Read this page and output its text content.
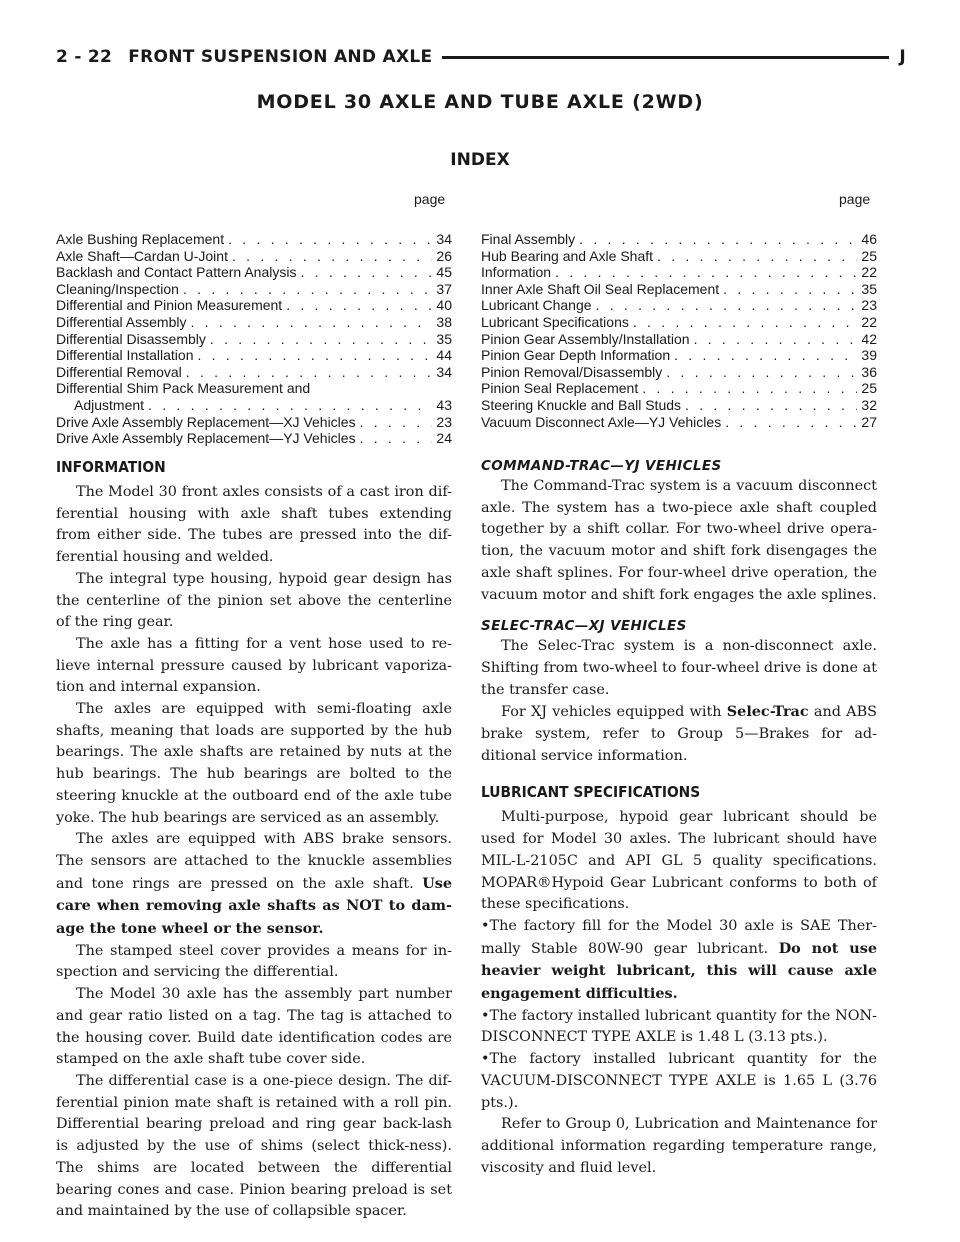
2 - 22 FRONT SUSPENSION AND AXLE	J
MODEL 30 AXLE AND TUBE AXLE (2WD)
INDEX
page	page
Axle Bushing Replacement . . .	34
Axle Shaft—Cardan U-Joint . . .	26
Backlash and Contact Pattern Analysis . . .	45
Cleaning/Inspection . . .	37
Differential and Pinion Measurement . . .	40
Differential Assembly . . .	38
Differential Disassembly . . .	35
Differential Installation . . .	44
Differential Removal . . .	34
Differential Shim Pack Measurement and
Adjustment . . .	43
Drive Axle Assembly Replacement—XJ Vehicles . . .	23
Drive Axle Assembly Replacement—YJ Vehicles . . .	24
Final Assembly . . .	46
Hub Bearing and Axle Shaft . . .	25
Information . . .	22
Inner Axle Shaft Oil Seal Replacement . . .	35
Lubricant Change . . .	23
Lubricant Specifications . . .	22
Pinion Gear Assembly/Installation . . .	42
Pinion Gear Depth Information . . .	39
Pinion Removal/Disassembly . . .	36
Pinion Seal Replacement . . .	25
Steering Knuckle and Ball Studs . . .	32
Vacuum Disconnect Axle—YJ Vehicles . . .	27
INFORMATION

The Model 30 front axles consists of a cast iron dif-ferential housing with axle shaft tubes extending from either side. The tubes are pressed into the dif-ferential housing and welded.

The integral type housing, hypoid gear design has the centerline of the pinion set above the centerline of the ring gear.

The axle has a fitting for a vent hose used to re-lieve internal pressure caused by lubricant vaporiza-tion and internal expansion.

The axles are equipped with semi-floating axle shafts, meaning that loads are supported by the hub bearings. The axle shafts are retained by nuts at the hub bearings. The hub bearings are bolted to the steering knuckle at the outboard end of the axle tube yoke. The hub bearings are serviced as an assembly.

The axles are equipped with ABS brake sensors. The sensors are attached to the knuckle assemblies and tone rings are pressed on the axle shaft. Use care when removing axle shafts as NOT to dam-age the tone wheel or the sensor.

The stamped steel cover provides a means for in-spection and servicing the differential.

The Model 30 axle has the assembly part number and gear ratio listed on a tag. The tag is attached to the housing cover. Build date identification codes are stamped on the axle shaft tube cover side.

The differential case is a one-piece design. The dif-ferential pinion mate shaft is retained with a roll pin. Differential bearing preload and ring gear back-lash is adjusted by the use of shims (select thick-ness). The shims are located between the differential bearing cones and case. Pinion bearing preload is set and maintained by the use of collapsible spacer.

COMMAND-TRAC—YJ VEHICLES

The Command-Trac system is a vacuum disconnect axle. The system has a two-piece axle shaft coupled together by a shift collar. For two-wheel drive opera-tion, the vacuum motor and shift fork disengages the axle shaft splines. For four-wheel drive operation, the vacuum motor and shift fork engages the axle splines.

SELEC-TRAC—XJ VEHICLES

The Selec-Trac system is a non-disconnect axle. Shifting from two-wheel to four-wheel drive is done at the transfer case.

For XJ vehicles equipped with Selec-Trac and ABS brake system, refer to Group 5—Brakes for ad-ditional service information.

LUBRICANT SPECIFICATIONS

Multi-purpose, hypoid gear lubricant should be used for Model 30 axles. The lubricant should have MIL-L-2105C and API GL 5 quality specifications. MOPAR®Hypoid Gear Lubricant conforms to both of these specifications.

•The factory fill for the Model 30 axle is SAE Ther-mally Stable 80W-90 gear lubricant. Do not use heavier weight lubricant, this will cause axle engagement difficulties.

•The factory installed lubricant quantity for the NON-DISCONNECT TYPE AXLE is 1.48 L (3.13 pts.).

•The factory installed lubricant quantity for the VACUUM-DISCONNECT TYPE AXLE is 1.65 L (3.76 pts.).

Refer to Group 0, Lubrication and Maintenance for additional information regarding temperature range, viscosity and fluid level.
